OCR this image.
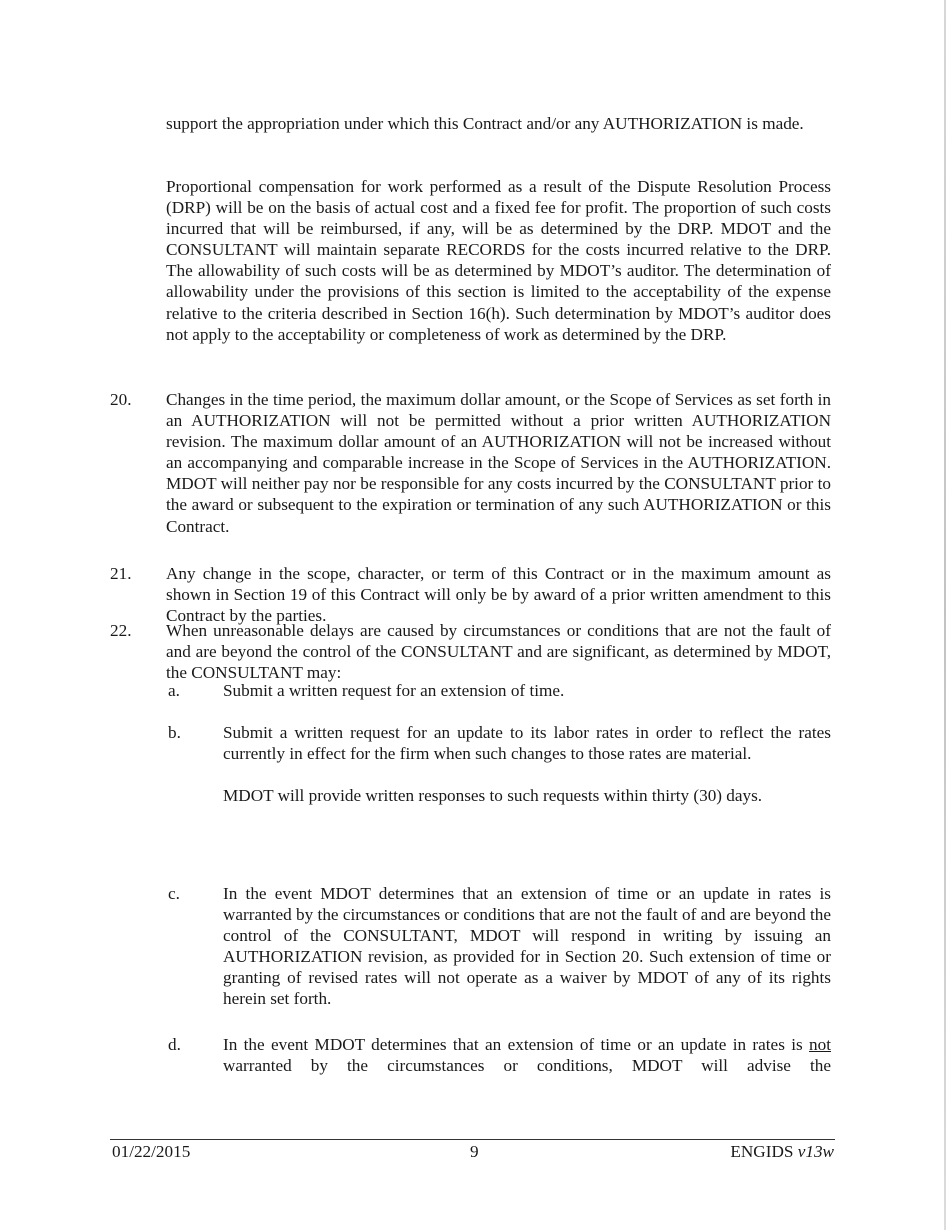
support the appropriation under which this Contract and/or any AUTHORIZATION is made.

Proportional compensation for work performed as a result of the Dispute Resolution Process (DRP) will be on the basis of actual cost and a fixed fee for profit. The proportion of such costs incurred that will be reimbursed, if any, will be as determined by the DRP. MDOT and the CONSULTANT will maintain separate RECORDS for the costs incurred relative to the DRP. The allowability of such costs will be as determined by MDOT’s auditor. The determination of allowability under the provisions of this section is limited to the acceptability of the expense relative to the criteria described in Section 16(h). Such determination by MDOT’s auditor does not apply to the acceptability or completeness of work as determined by the DRP.

20. Changes in the time period, the maximum dollar amount, or the Scope of Services as set forth in an AUTHORIZATION will not be permitted without a prior written AUTHORIZATION revision. The maximum dollar amount of an AUTHORIZATION will not be increased without an accompanying and comparable increase in the Scope of Services in the AUTHORIZATION. MDOT will neither pay nor be responsible for any costs incurred by the CONSULTANT prior to the award or subsequent to the expiration or termination of any such AUTHORIZATION or this Contract.

21. Any change in the scope, character, or term of this Contract or in the maximum amount as shown in Section 19 of this Contract will only be by award of a prior written amendment to this Contract by the parties.

22. When unreasonable delays are caused by circumstances or conditions that are not the fault of and are beyond the control of the CONSULTANT and are significant, as determined by MDOT, the CONSULTANT may:

a.	Submit a written request for an extension of time.

b. Submit a written request for an update to its labor rates in order to reflect the rates currently in effect for the firm when such changes to those rates are material.

MDOT will provide written responses to such requests within thirty (30) days.

c.	In the event MDOT determines that an extension of time or an update in rates is warranted by the circumstances or conditions that are not the fault of and are beyond the control of the CONSULTANT, MDOT will respond in writing by issuing an AUTHORIZATION revision, as provided for in Section 20. Such extension of time or granting of revised rates will not operate as a waiver by MDOT of any of its rights herein set forth.

d. In the event MDOT determines that an extension of time or an update in rates is not warranted by the circumstances or conditions, MDOT will advise the

01/22/2015	9	ENGIDS v13w
